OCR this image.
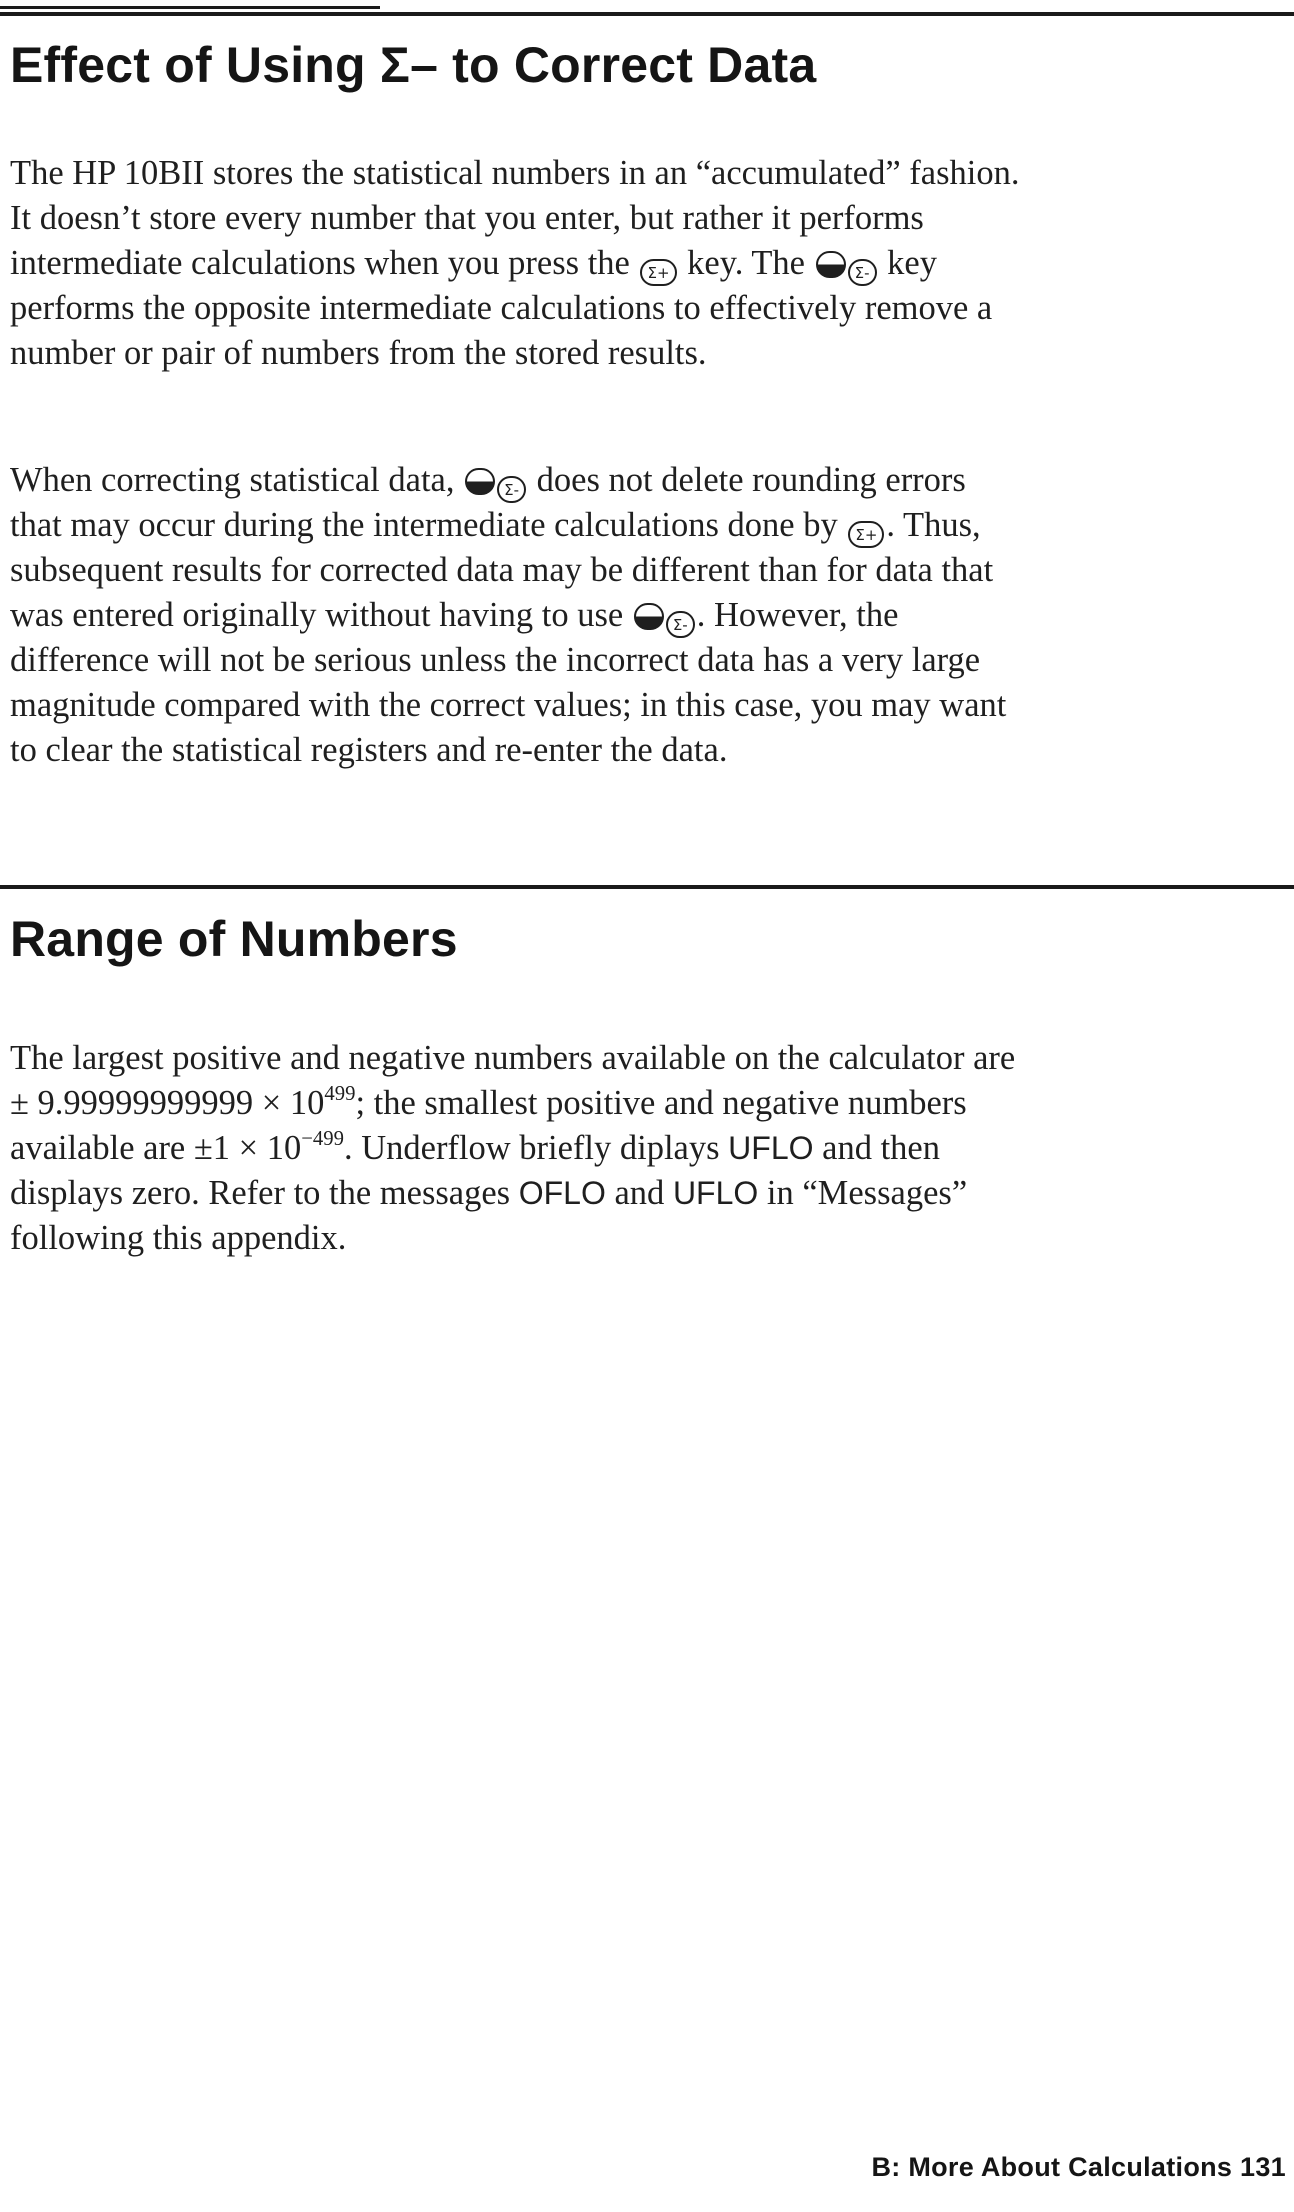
Effect of Using Σ– to Correct Data

The HP 10BII stores the statistical numbers in an “accumulated” fashion.
It doesn’t store every number that you enter, but rather it performs
intermediate calculations when you press the Σ+ key. The	Σ- key
performs the opposite intermediate calculations to effectively remove a
number or pair of numbers from the stored results.

When correcting statistical data,	Σ- does not delete rounding errors
that may occur during the intermediate calculations done by Σ+ . Thus,
subsequent results for corrected data may be different than for data that
was entered originally without having to use	Σ- . However, the
difference will not be serious unless the incorrect data has a very large
magnitude compared with the correct values; in this case, you may want
to clear the statistical registers and re-enter the data.

Range of Numbers

The largest positive and negative numbers available on the calculator are
± $9.99999999999 \times 10^{499}$; the smallest positive and negative numbers
available are $\pm 1 \times 10^{-499}$. Underflow briefly diplays UFLO and then
displays zero. Refer to the messages OFLO and UFLO in “Messages”
following this appendix.

B: More About Calculations 131
